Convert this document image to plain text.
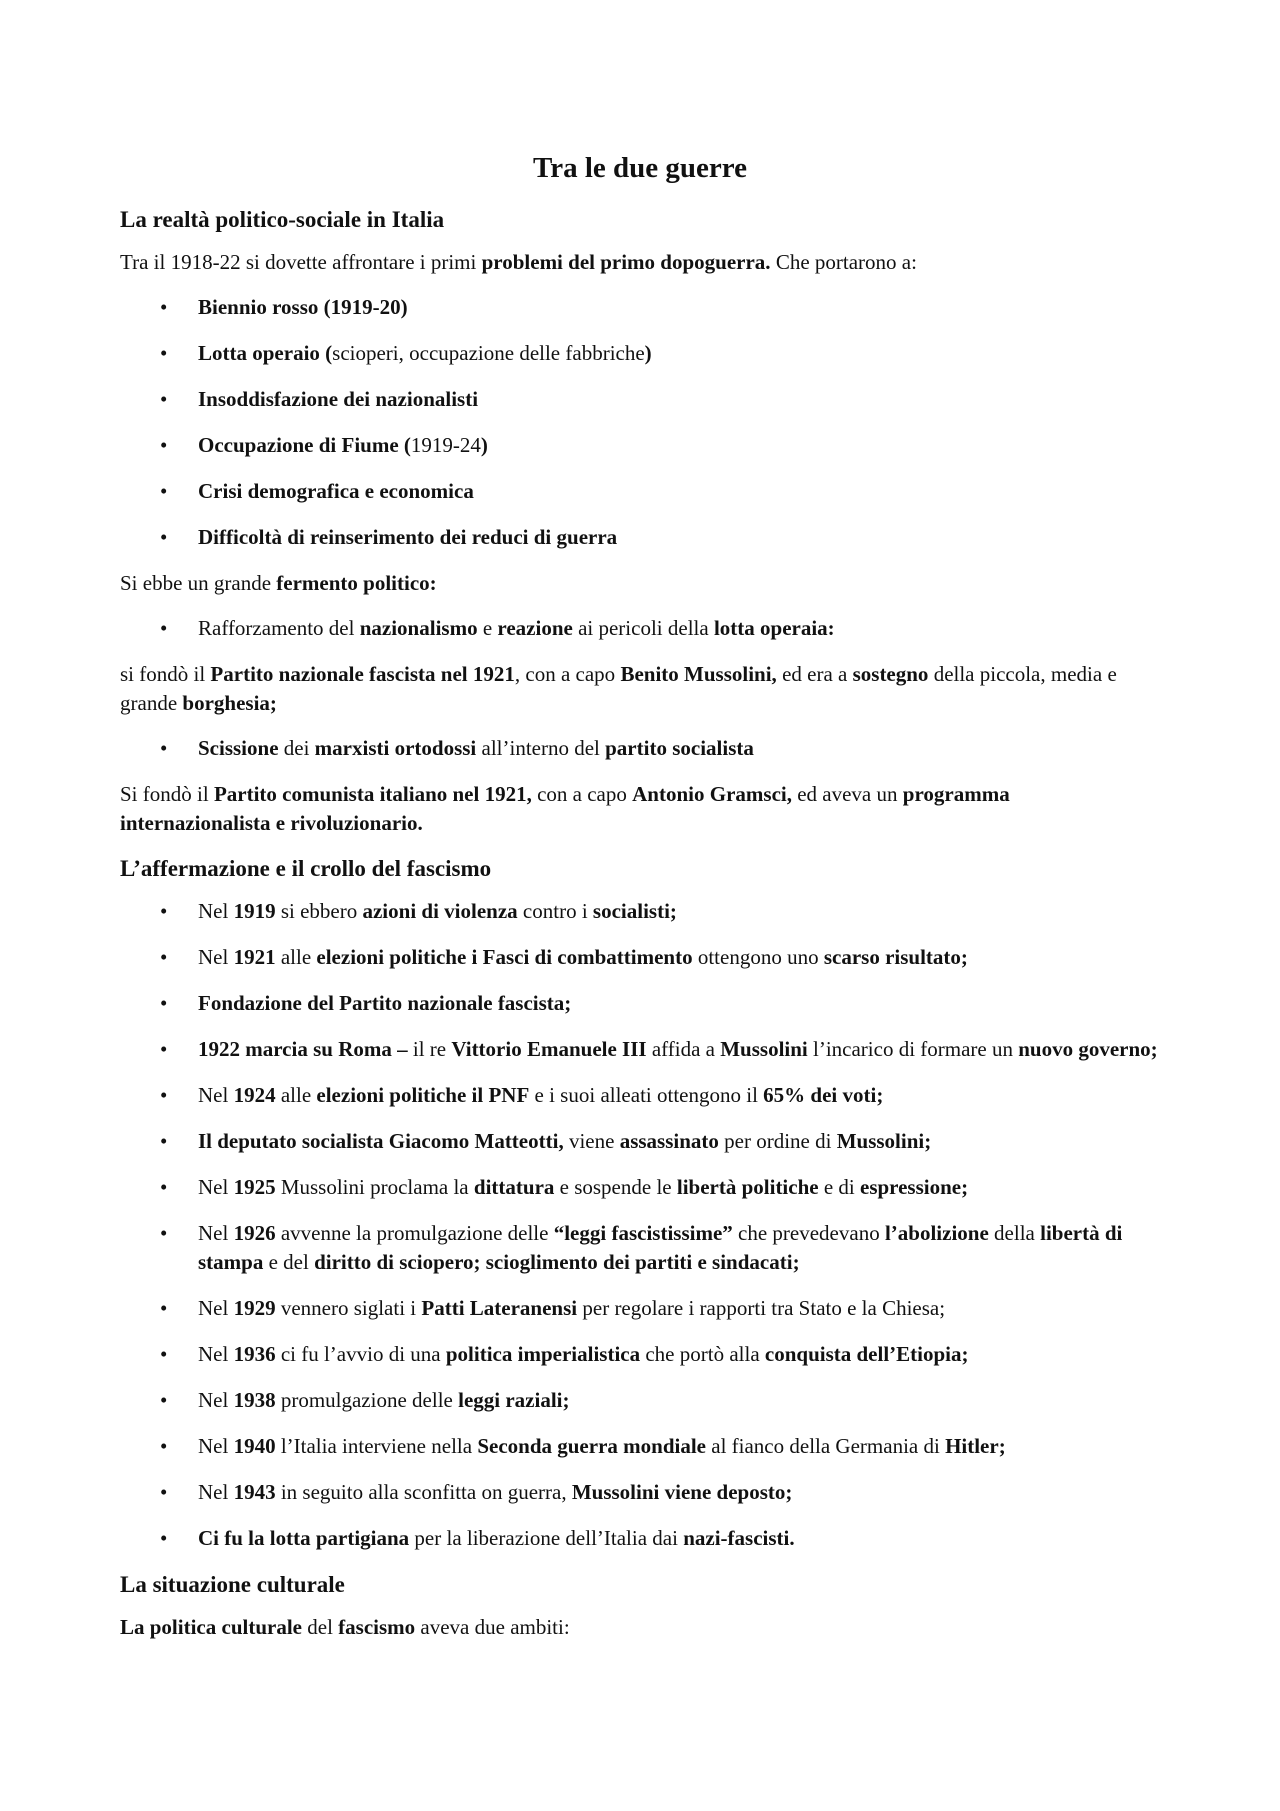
Tra le due guerre
La realtà politico-sociale in Italia

Tra il 1918-22 si dovette affrontare i primi problemi del primo dopoguerra. Che portarono a:

• Biennio rosso (1919-20)
• Lotta operaio (scioperi, occupazione delle fabbriche)
• Insoddisfazione dei nazionalisti
• Occupazione di Fiume (1919-24)
• Crisi demografica e economica
• Difficoltà di reinserimento dei reduci di guerra

Si ebbe un grande fermento politico:

• Rafforzamento del nazionalismo e reazione ai pericoli della lotta operaia:

si fondò il Partito nazionale fascista nel 1921, con a capo Benito Mussolini, ed era a sostegno della piccola, media e grande borghesia;

• Scissione dei marxisti ortodossi all’interno del partito socialista

Si fondò il Partito comunista italiano nel 1921, con a capo Antonio Gramsci, ed aveva un programma internazionalista e rivoluzionario.

L’affermazione e il crollo del fascismo
• Nel 1919 si ebbero azioni di violenza contro i socialisti;
• Nel 1921 alle elezioni politiche i Fasci di combattimento ottengono uno scarso risultato;
• Fondazione del Partito nazionale fascista;
• 1922 marcia su Roma – il re Vittorio Emanuele III affida a Mussolini l’incarico di formare un nuovo governo;
• Nel 1924 alle elezioni politiche il PNF e i suoi alleati ottengono il 65% dei voti;
• Il deputato socialista Giacomo Matteotti, viene assassinato per ordine di Mussolini;
• Nel 1925 Mussolini proclama la dittatura e sospende le libertà politiche e di espressione;
• Nel 1926 avvenne la promulgazione delle “leggi fascistissime” che prevedevano l’abolizione della libertà di stampa e del diritto di sciopero; scioglimento dei partiti e sindacati;
• Nel 1929 vennero siglati i Patti Lateranensi per regolare i rapporti tra Stato e la Chiesa;
• Nel 1936 ci fu l’avvio di una politica imperialistica che portò alla conquista dell’Etiopia;
• Nel 1938 promulgazione delle leggi raziali;
• Nel 1940 l’Italia interviene nella Seconda guerra mondiale al fianco della Germania di Hitler;
• Nel 1943 in seguito alla sconfitta on guerra, Mussolini viene deposto;
• Ci fu la lotta partigiana per la liberazione dell’Italia dai nazi-fascisti.
La situazione culturale

La politica culturale del fascismo aveva due ambiti:
